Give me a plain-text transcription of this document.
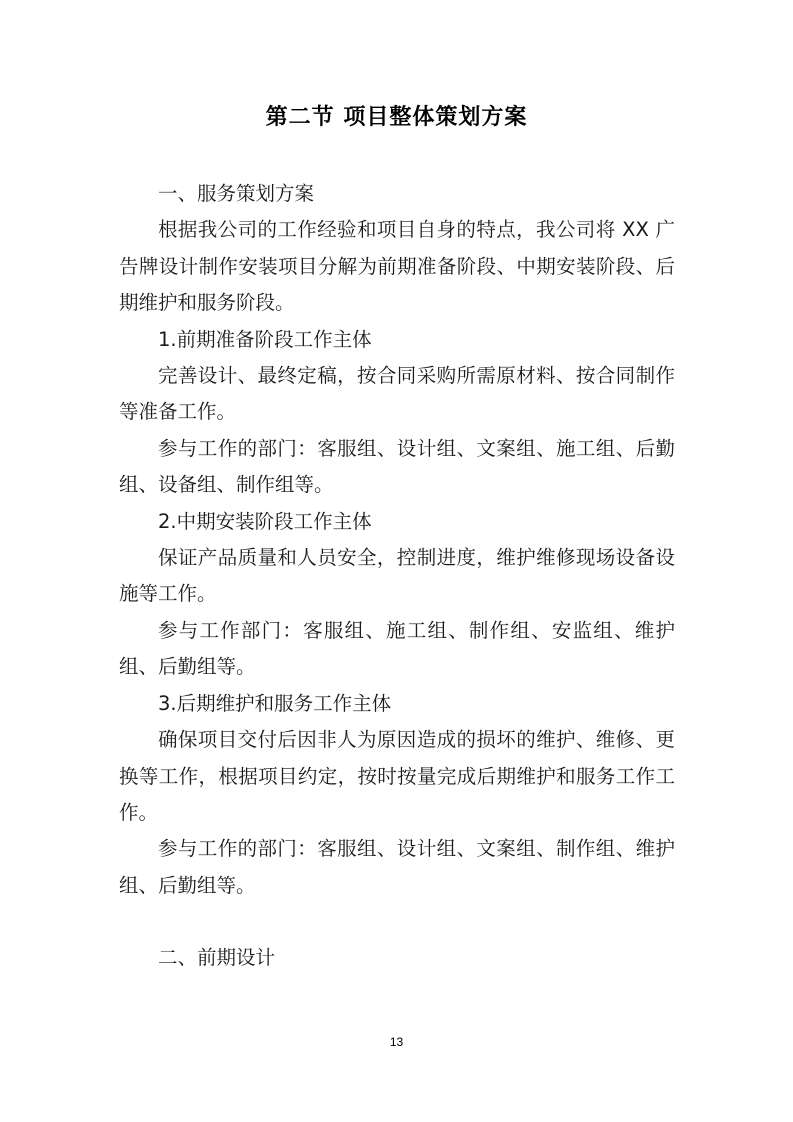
第二节 项目整体策划方案

一、服务策划方案

根据我公司的工作经验和项目自身的特点，我公司将 XX 广告牌设计制作安装项目分解为前期准备阶段、中期安装阶段、后期维护和服务阶段。

1.前期准备阶段工作主体

完善设计、最终定稿，按合同采购所需原材料、按合同制作等准备工作。

参与工作的部门：客服组、设计组、文案组、施工组、后勤组、设备组、制作组等。

2.中期安装阶段工作主体

保证产品质量和人员安全，控制进度，维护维修现场设备设施等工作。

参与工作部门：客服组、施工组、制作组、安监组、维护组、后勤组等。

3.后期维护和服务工作主体

确保项目交付后因非人为原因造成的损坏的维护、维修、更换等工作，根据项目约定，按时按量完成后期维护和服务工作工作。

参与工作的部门：客服组、设计组、文案组、制作组、维护组、后勤组等。

二、前期设计

13
